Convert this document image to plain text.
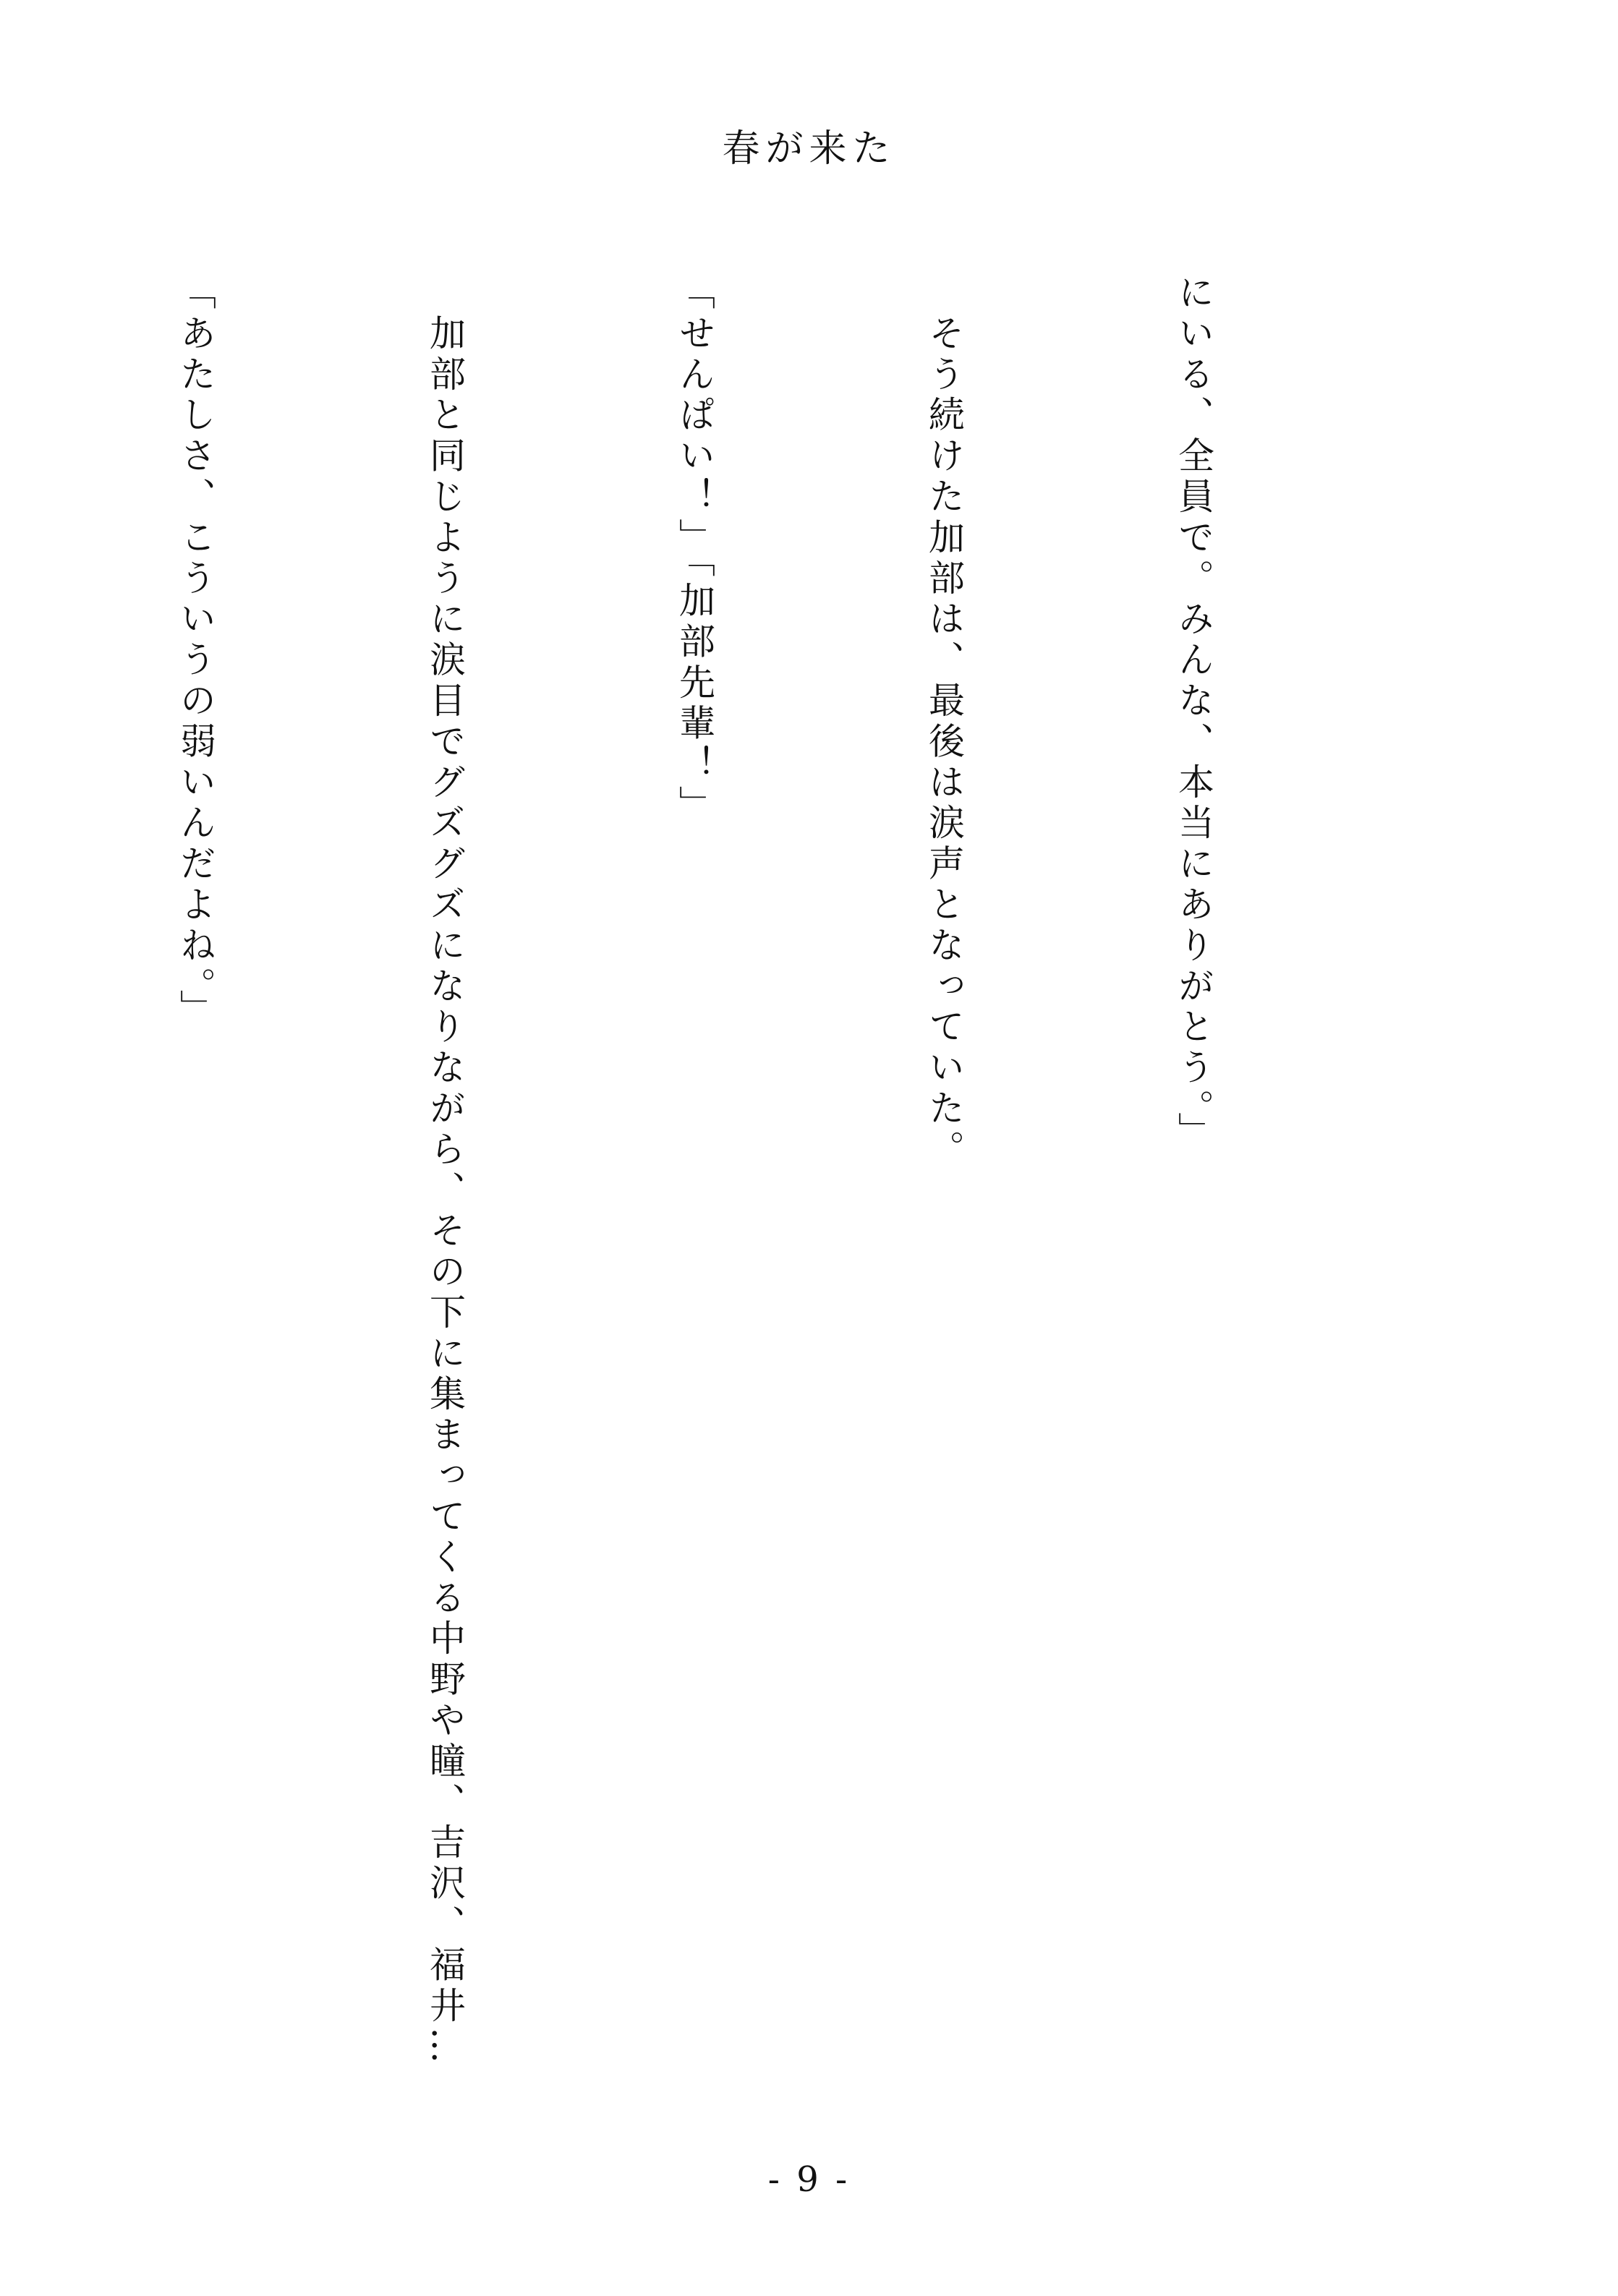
春が来た

にいる、全員で。みんな、本当にありがとう。」

　そう続けた加部は、最後は涙声となっていた。

「せんぱい！」「加部先輩！」

　加部と同じように涙目でグズグズになりながら、その下に集まってくる中野や瞳、吉沢、福井…

「あたしさ、こういうの弱いんだよね。」

- 9 -
